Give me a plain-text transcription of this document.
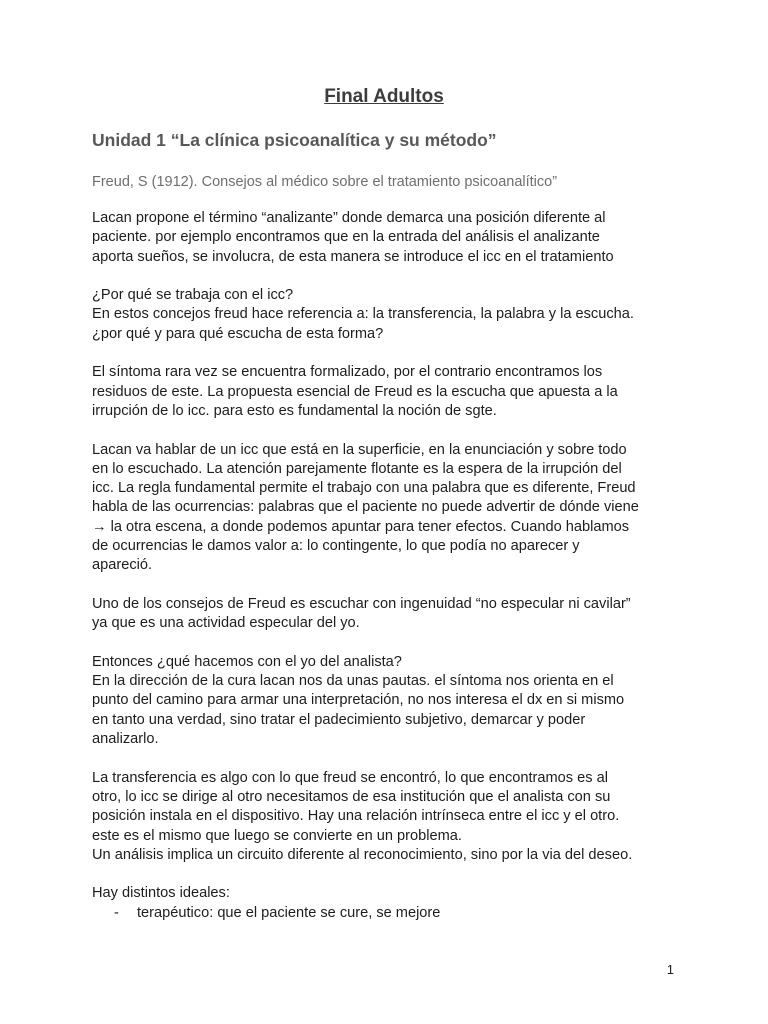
Final Adultos
Unidad 1 “La clínica psicoanalítica y su método”

Freud, S (1912). Consejos al médico sobre el tratamiento psicoanalítico”

Lacan propone el término “analizante” donde demarca una posición diferente al
paciente. por ejemplo encontramos que en la entrada del análisis el analizante
aporta sueños, se involucra, de esta manera se introduce el icc en el tratamiento

¿Por qué se trabaja con el icc?
En estos concejos freud hace referencia a: la transferencia, la palabra y la escucha.
¿por qué y para qué escucha de esta forma?

El síntoma rara vez se encuentra formalizado, por el contrario encontramos los
residuos de este. La propuesta esencial de Freud es la escucha que apuesta a la
irrupción de lo icc. para esto es fundamental la noción de sgte.

Lacan va hablar de un icc que está en la superficie, en la enunciación y sobre todo
en lo escuchado. La atención parejamente flotante es la espera de la irrupción del
icc. La regla fundamental permite el trabajo con una palabra que es diferente, Freud
habla de las ocurrencias: palabras que el paciente no puede advertir de dónde viene
→ la otra escena, a donde podemos apuntar para tener efectos. Cuando hablamos
de ocurrencias le damos valor a: lo contingente, lo que podía no aparecer y
apareció.

Uno de los consejos de Freud es escuchar con ingenuidad “no especular ni cavilar”
ya que es una actividad especular del yo.

Entonces ¿qué hacemos con el yo del analista?
En la dirección de la cura lacan nos da unas pautas. el síntoma nos orienta en el
punto del camino para armar una interpretación, no nos interesa el dx en si mismo
en tanto una verdad, sino tratar el padecimiento subjetivo, demarcar y poder
analizarlo.

La transferencia es algo con lo que freud se encontró, lo que encontramos es al
otro, lo icc se dirige al otro necesitamos de esa institución que el analista con su
posición instala en el dispositivo. Hay una relación intrínseca entre el icc y el otro.
este es el mismo que luego se convierte en un problema.
Un análisis implica un circuito diferente al reconocimiento, sino por la via del deseo.

Hay distintos ideales:

- terapéutico: que el paciente se cure, se mejore
1
